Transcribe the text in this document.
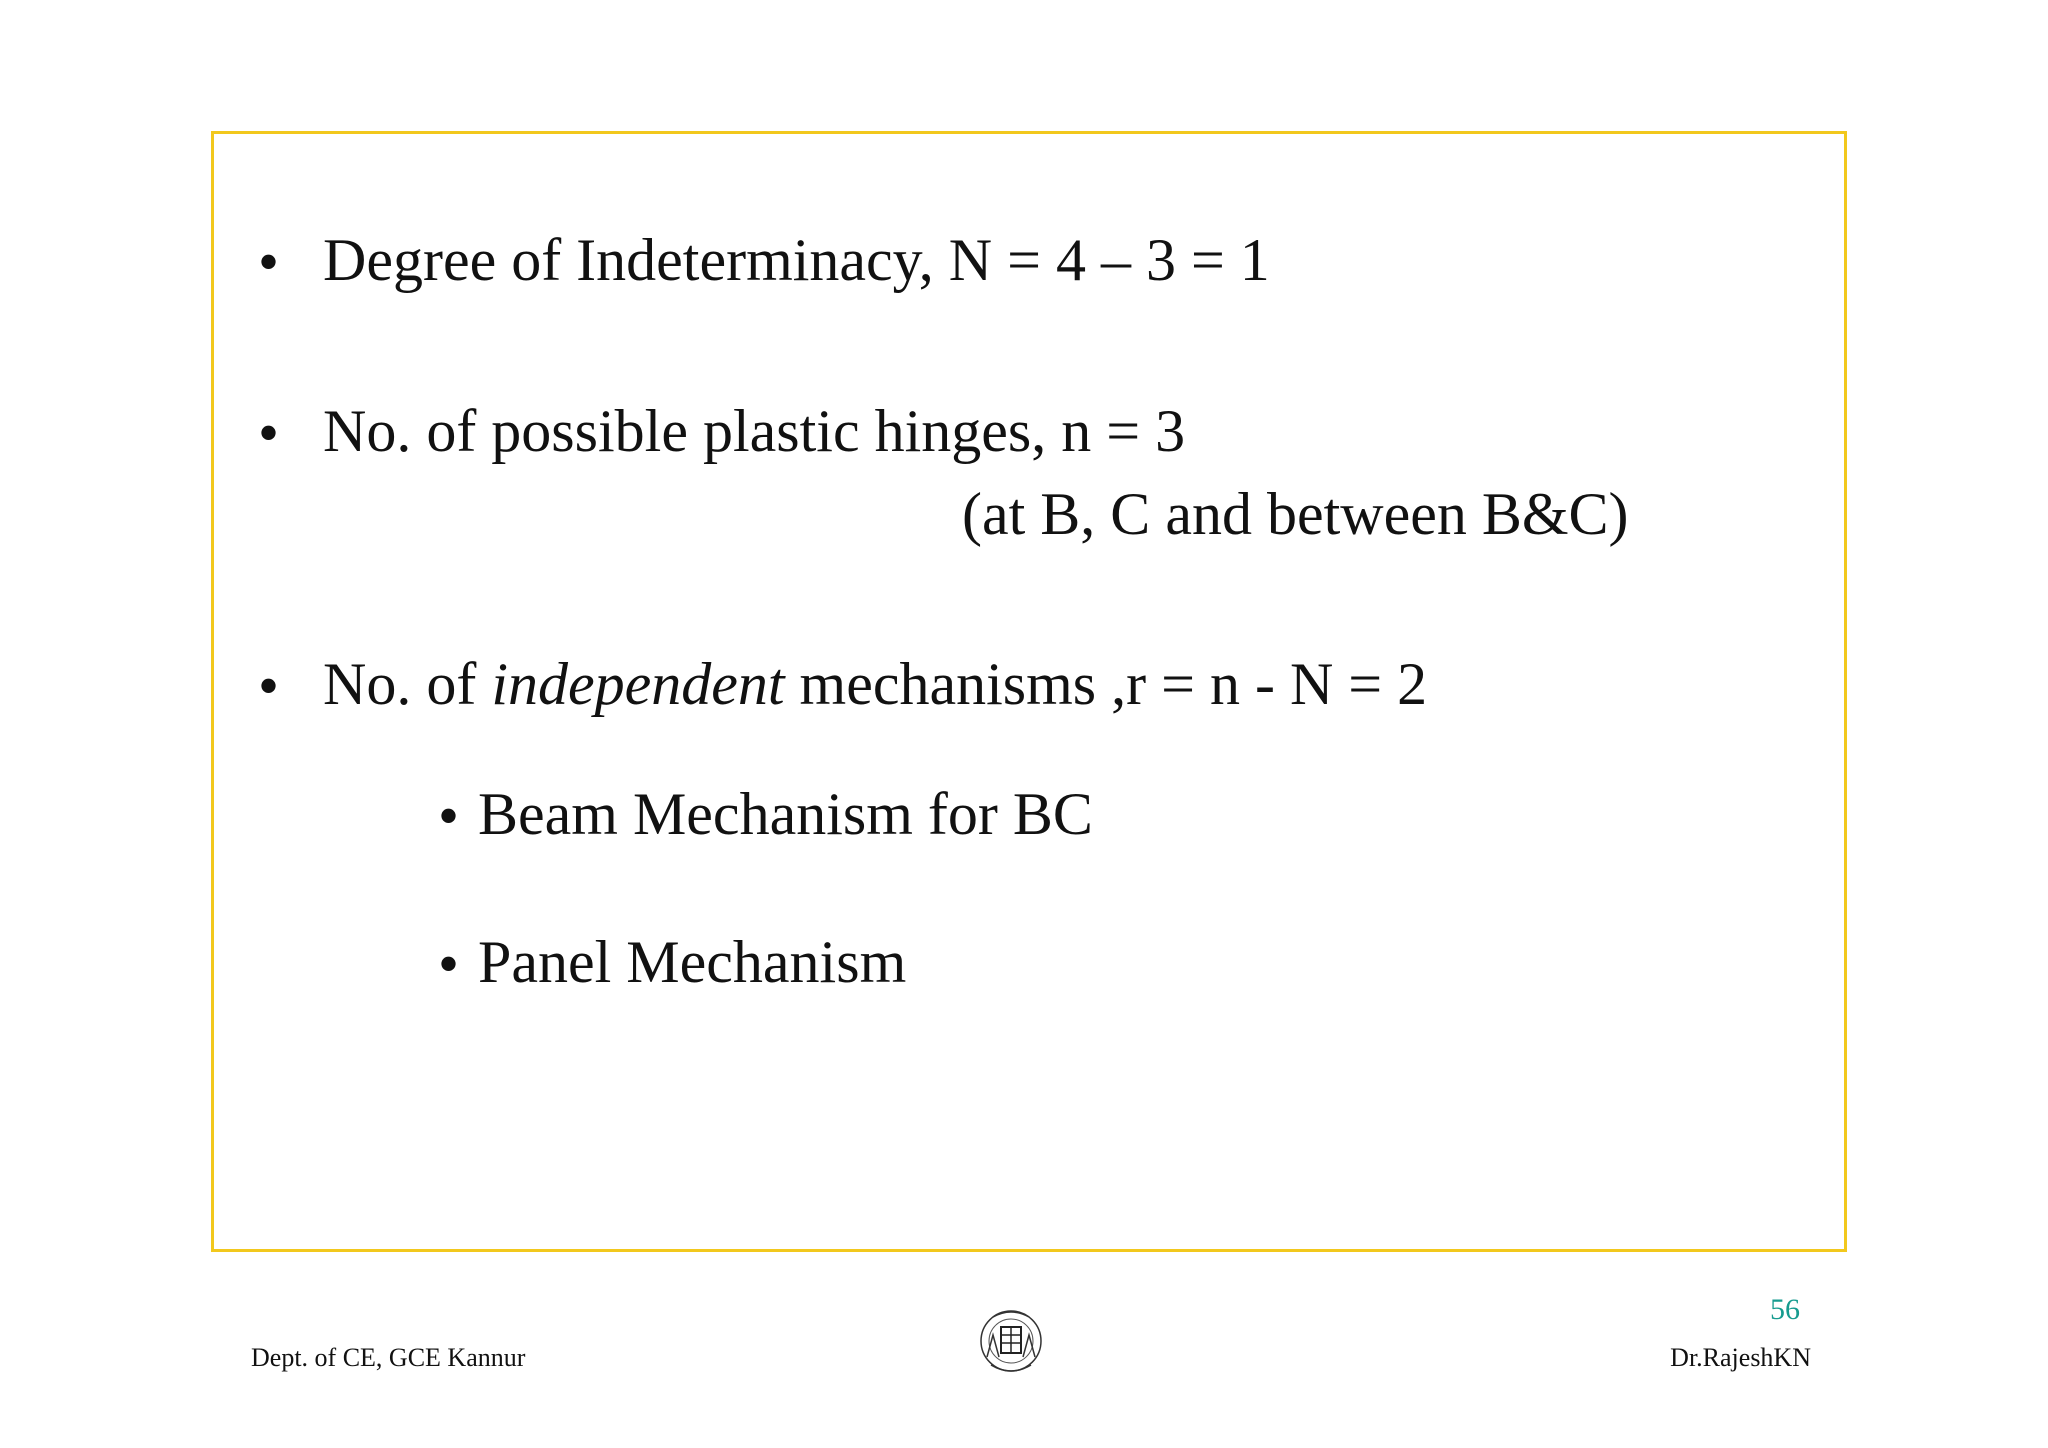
• Degree of Indeterminacy, N = 4 – 3 = 1
• No. of possible plastic hinges, n = 3
(at B, C and between B&C)
• No. of independent mechanisms ,r = n - N = 2
• Beam Mechanism for BC
• Panel Mechanism
56
Dept. of CE, GCE Kannur	Dr.RajeshKN
